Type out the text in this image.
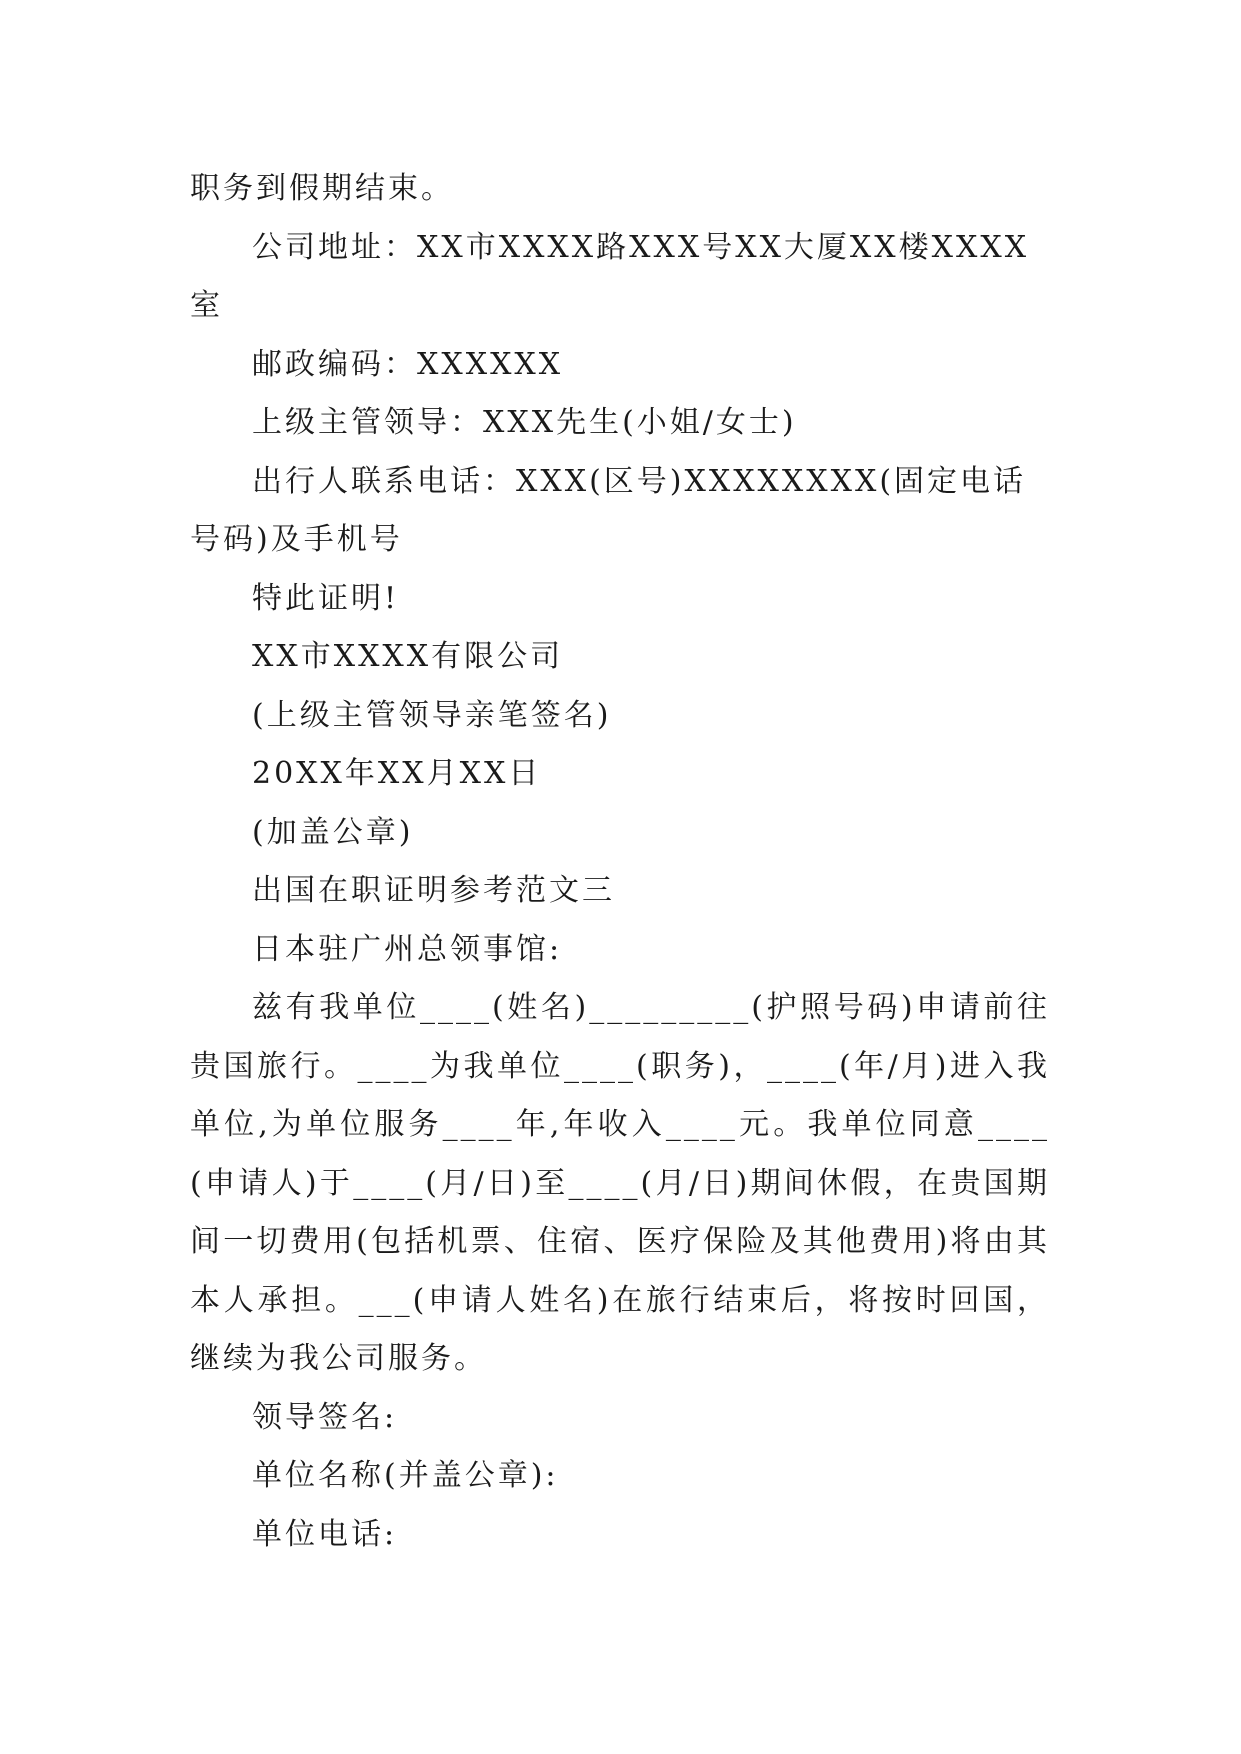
职务到假期结束。

公司地址：XX市XXXX路XXX号XX大厦XX楼XXXX室

邮政编码：XXXXXX

上级主管领导：XXX先生(小姐/女士)

出行人联系电话：XXX(区号)XXXXXXXX(固定电话号码)及手机号

特此证明!

XX市XXXX有限公司

(上级主管领导亲笔签名)

20XX年XX月XX日

(加盖公章)

出国在职证明参考范文三

日本驻广州总领事馆:

兹有我单位____(姓名)_________(护照号码)申请前往贵国旅行。____为我单位____(职务)，____(年/月)进入我单位,为单位服务____年,年收入____元。我单位同意____(申请人)于____(月/日)至____(月/日)期间休假，在贵国期间一切费用(包括机票、住宿、医疗保险及其他费用)将由其本人承担。___(申请人姓名)在旅行结束后，将按时回国，继续为我公司服务。

领导签名:

单位名称(并盖公章):

单位电话:
